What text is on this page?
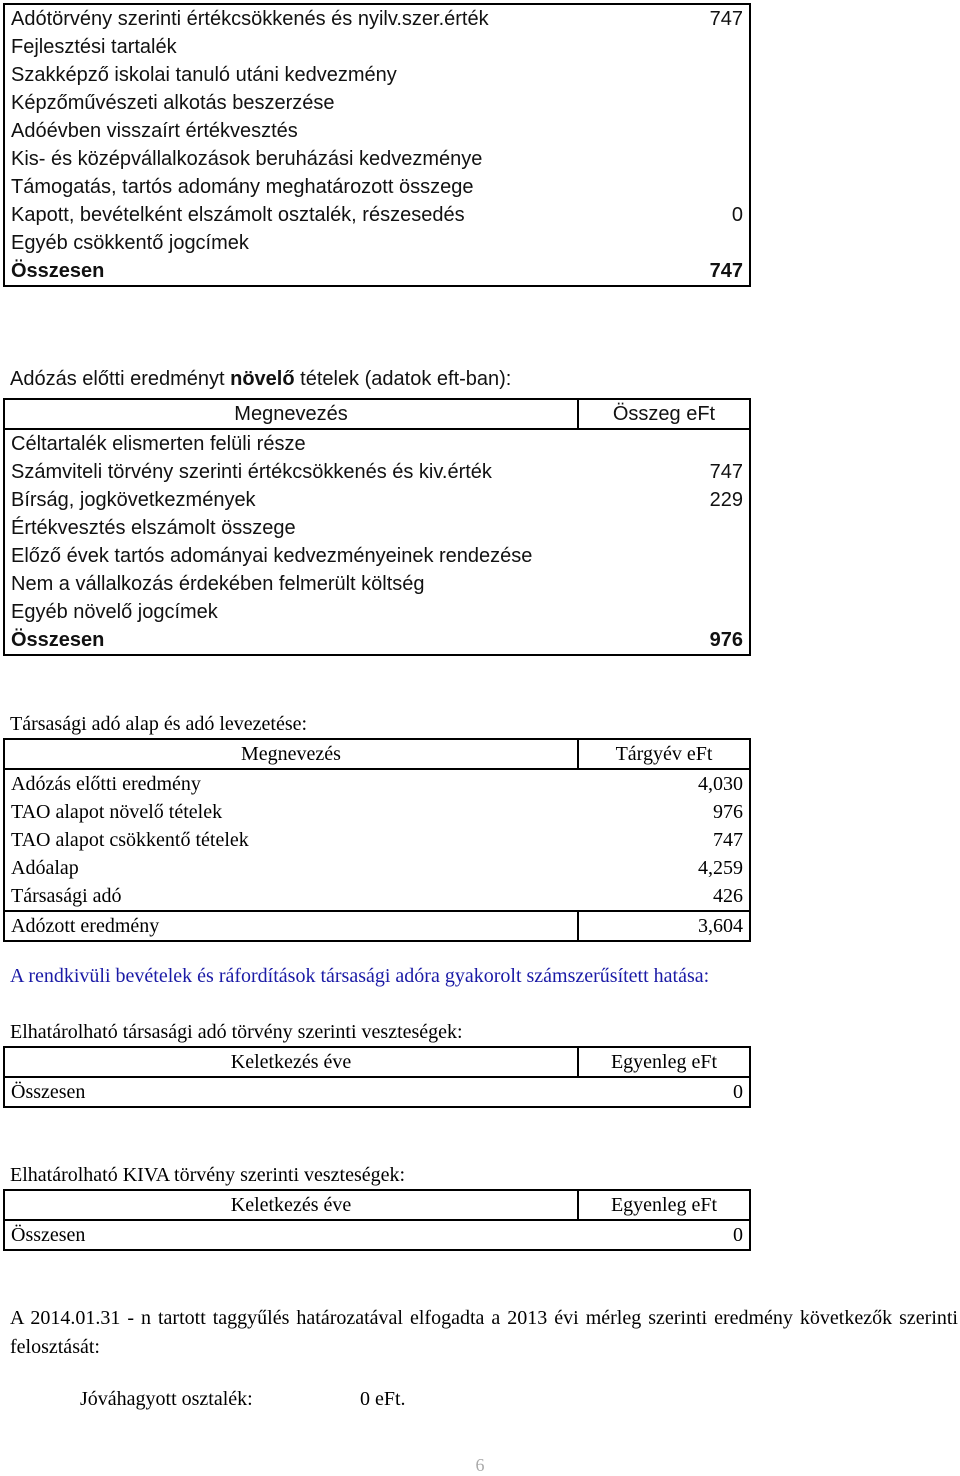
Adótörvény szerinti értékcsökkenés és nyilv.szer.érték	747
Fejlesztési tartalék	
Szakképző iskolai tanuló utáni kedvezmény	
Képzőművészeti alkotás beszerzése	
Adóévben visszaírt értékvesztés	
Kis- és középvállalkozások beruházási kedvezménye	
Támogatás, tartós adomány meghatározott összege	
Kapott, bevételként elszámolt osztalék, részesedés	0
Egyéb csökkentő jogcímek	
Összesen	747
Adózás előtti eredményt növelő tételek (adatok eft-ban):
Megnevezés	Összeg eFt
Céltartalék elismerten felüli része	
Számviteli törvény szerinti értékcsökkenés és kiv.érték	747
Bírság, jogkövetkezmények	229
Értékvesztés elszámolt összege	
Előző évek tartós adományai kedvezményeinek rendezése	
Nem a vállalkozás érdekében felmerült költség	
Egyéb növelő jogcímek	
Összesen	976
Társasági adó alap és adó levezetése:
Megnevezés	Tárgyév eFt
Adózás előtti eredmény	4,030
TAO alapot növelő tételek	976
TAO alapot csökkentő tételek	747
Adóalap	4,259
Társasági adó	426
Adózott eredmény	3,604
A rendkivüli bevételek és ráfordítások társasági adóra gyakorolt számszerűsített hatása:
Elhatárolható társasági adó törvény szerinti veszteségek:
Keletkezés éve	Egyenleg eFt
Összesen	0
Elhatárolható KIVA törvény szerinti veszteségek:
Keletkezés éve	Egyenleg eFt
Összesen	0
A 2014.01.31 - n tartott taggyűlés határozatával elfogadta a 2013 évi mérleg szerinti eredmény következők szerinti felosztását:
Jóváhagyott osztalék:	0 eFt.
6
